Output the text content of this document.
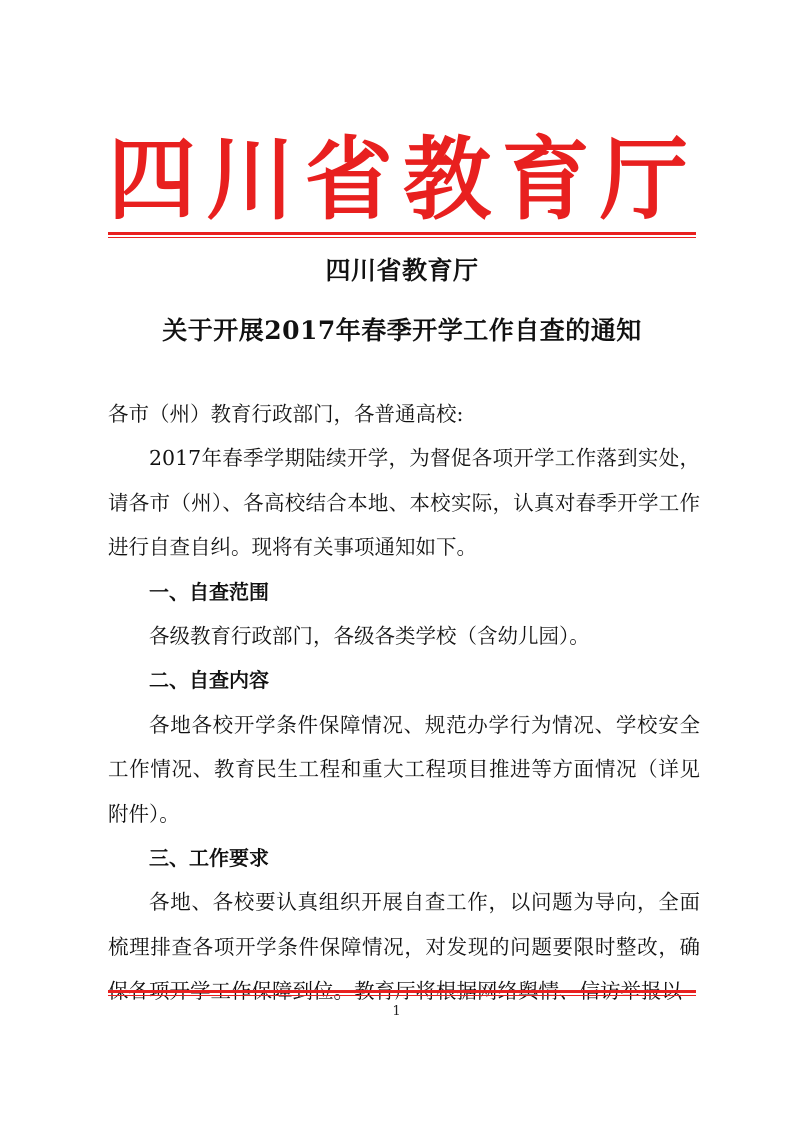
四 川 省 教 育 厅
四川省教育厅
关于开展2017年春季开学工作自查的通知

各市（州）教育行政部门，各普通高校:

2017年春季学期陆续开学，为督促各项开学工作落到实处，请各市（州）、各高校结合本地、本校实际，认真对春季开学工作进行自查自纠。现将有关事项通知如下。

一、自查范围

各级教育行政部门，各级各类学校（含幼儿园）。

二、自查内容

各地各校开学条件保障情况、规范办学行为情况、学校安全工作情况、教育民生工程和重大工程项目推进等方面情况（详见附件）。

三、工作要求

各地、各校要认真组织开展自查工作，以问题为导向，全面梳理排查各项开学条件保障情况，对发现的问题要限时整改，确

1
